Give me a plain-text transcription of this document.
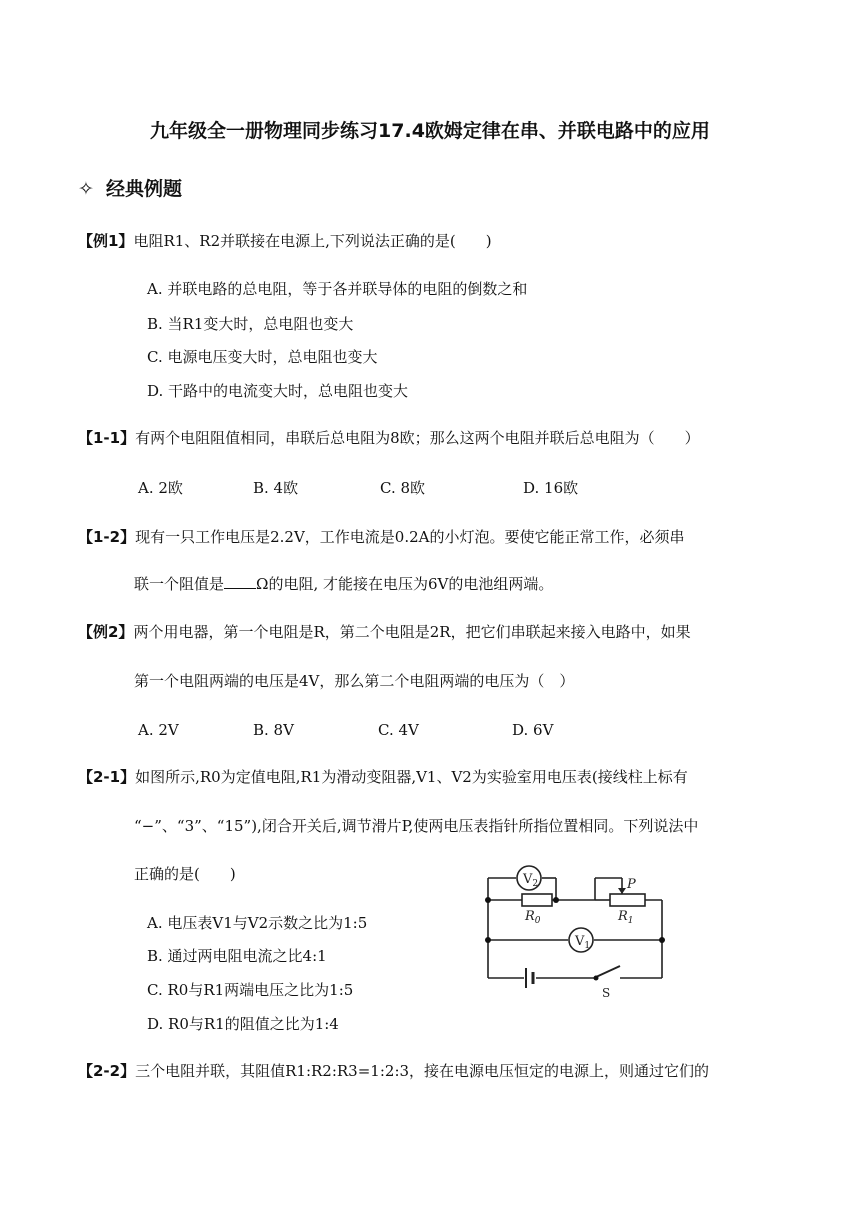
九年级全一册物理同步练习17.4欧姆定律在串、并联电路中的应用
✧ 经典例题
【例1】电阻R1、R2并联接在电源上,下列说法正确的是(　　)
A. 并联电路的总电阻，等于各并联导体的电阻的倒数之和
B. 当R1变大时，总电阻也变大
C. 电源电压变大时，总电阻也变大
D. 干路中的电流变大时，总电阻也变大
【1-1】有两个电阻阻值相同，串联后总电阻为8欧；那么这两个电阻并联后总电阻为（　　）
A. 2欧	B. 4欧	C. 8欧	D. 16欧
【1-2】现有一只工作电压是2.2V，工作电流是0.2A的小灯泡。要使它能正常工作，必须串
联一个阻值是 Ω的电阻, 才能接在电压为6V的电池组两端。
【例2】两个用电器，第一个电阻是R，第二个电阻是2R，把它们串联起来接入电路中，如果
第一个电阻两端的电压是4V，那么第二个电阻两端的电压为（　）
A. 2V	B. 8V	C. 4V	D. 6V
【2-1】如图所示,R0为定值电阻,R1为滑动变阻器,V1、V2为实验室用电压表(接线柱上标有
“−”、“3”、“15”),闭合开关后,调节滑片P,使两电压表指针所指位置相同。下列说法中
正确的是(　　)
A. 电压表V1与V2示数之比为1:5
B. 通过两电阻电流之比4:1
C. R0与R1两端电压之比为1:5
D. R0与R1的阻值之比为1:4
$V_2$
$V_1$
$R_0$	$R_1$
P
S
【2-2】三个电阻并联，其阻值R1:R2:R3=1:2:3，接在电源电压恒定的电源上，则通过它们的
